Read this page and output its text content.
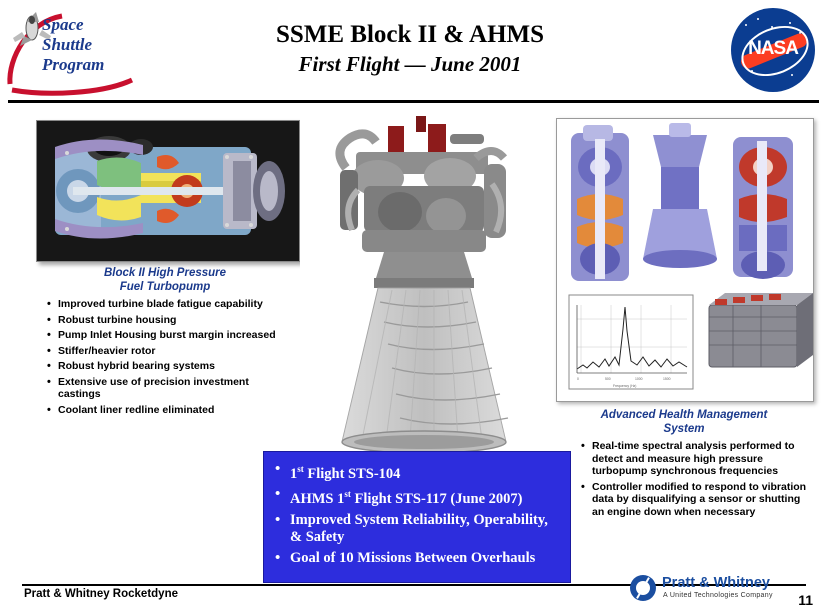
Space
Shuttle
Program
SSME Block II & AHMS
First Flight — June 2001
NASA
Block II High Pressure
Fuel Turbopump
• Improved turbine blade fatigue capability
• Robust turbine housing
• Pump Inlet Housing burst margin increased
• Stiffer/heavier rotor
• Robust hybrid bearing systems
• Extensive use of precision investment castings
• Coolant liner redline eliminated
0	500	1000	1500
Frequency (Hz)
Advanced Health Management
System
• Real-time spectral analysis performed to detect and measure high pressure turbopump synchronous frequencies
• Controller modified to respond to vibration data by disqualifying a sensor or shutting an engine down when necessary
• 1st Flight STS-104
• AHMS 1st Flight STS-117 (June 2007)
• Improved System Reliability, Operability, & Safety
• Goal of 10 Missions Between Overhauls
Pratt & Whitney Rocketdyne
Pratt & Whitney
A United Technologies Company 11
